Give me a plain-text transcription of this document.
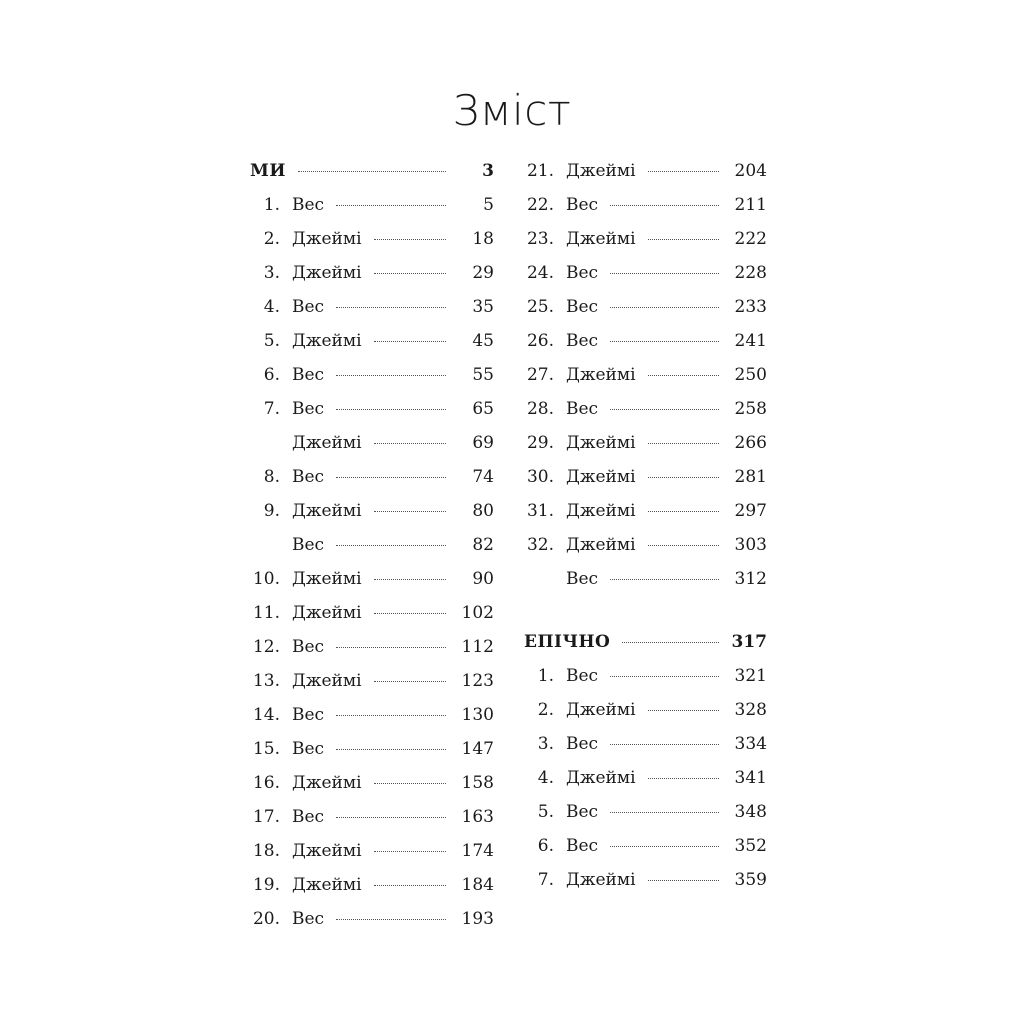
Зміст
МИ	3
1. Вес	5
2. Джеймі	18
3. Джеймі	29
4. Вес	35
5. Джеймі	45
6. Вес	55
7. Вес	65
Джеймі	69
8. Вес	74
9. Джеймі	80
Вес	82
10. Джеймі	90
11. Джеймі	102
12. Вес	112
13. Джеймі	123
14. Вес	130
15. Вес	147
16. Джеймі	158
17. Вес	163
18. Джеймі	174
19. Джеймі	184
20. Вес	193
21. Джеймі	204
22. Вес	211
23. Джеймі	222
24. Вес	228
25. Вес	233
26. Вес	241
27. Джеймі	250
28. Вес	258
29. Джеймі	266
30. Джеймі	281
31. Джеймі	297
32. Джеймі	303
Вес	312
ЕПІЧНО	317
1. Вес	321
2. Джеймі	328
3. Вес	334
4. Джеймі	341
5. Вес	348
6. Вес	352
7. Джеймі	359
